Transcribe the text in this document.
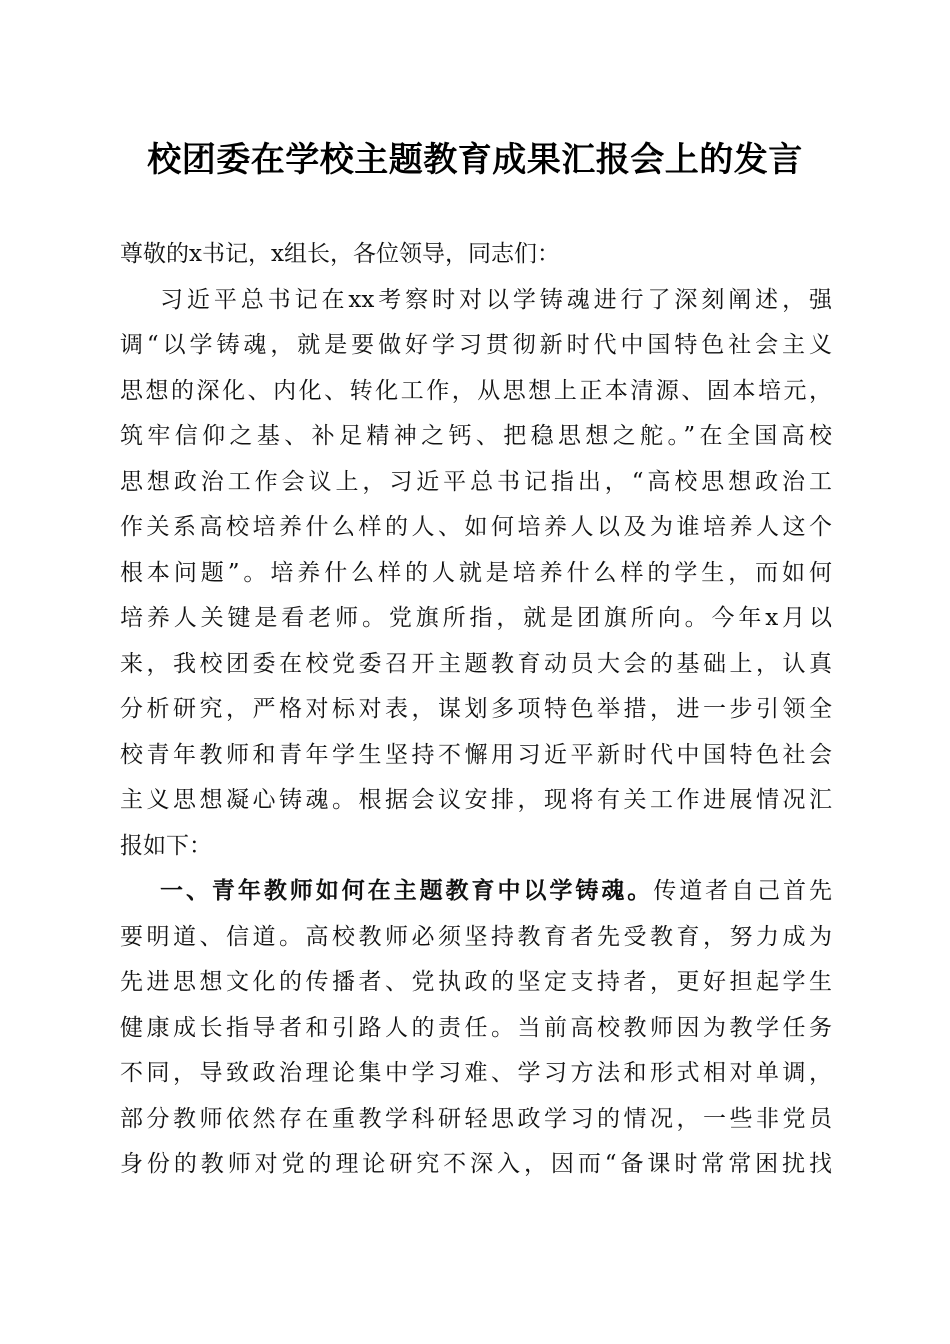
校团委在学校主题教育成果汇报会上的发言
尊敬的x书记，x组长，各位领导，同志们：
习近平总书记在xx考察时对以学铸魂进行了深刻阐述，强
调“以学铸魂，就是要做好学习贯彻新时代中国特色社会主义
思想的深化、内化、转化工作，从思想上正本清源、固本培元，
筑牢信仰之基、补足精神之钙、把稳思想之舵。”在全国高校
思想政治工作会议上，习近平总书记指出，“高校思想政治工
作关系高校培养什么样的人、如何培养人以及为谁培养人这个
根本问题”。培养什么样的人就是培养什么样的学生，而如何
培养人关键是看老师。党旗所指，就是团旗所向。今年x月以
来，我校团委在校党委召开主题教育动员大会的基础上，认真
分析研究，严格对标对表，谋划多项特色举措，进一步引领全
校青年教师和青年学生坚持不懈用习近平新时代中国特色社会
主义思想凝心铸魂。根据会议安排，现将有关工作进展情况汇
报如下：
一、青年教师如何在主题教育中以学铸魂。传道者自己首先
要明道、信道。高校教师必须坚持教育者先受教育，努力成为
先进思想文化的传播者、党执政的坚定支持者，更好担起学生
健康成长指导者和引路人的责任。当前高校教师因为教学任务
不同，导致政治理论集中学习难、学习方法和形式相对单调，
部分教师依然存在重教学科研轻思政学习的情况，一些非党员
身份的教师对党的理论研究不深入，因而“备课时常常困扰找
